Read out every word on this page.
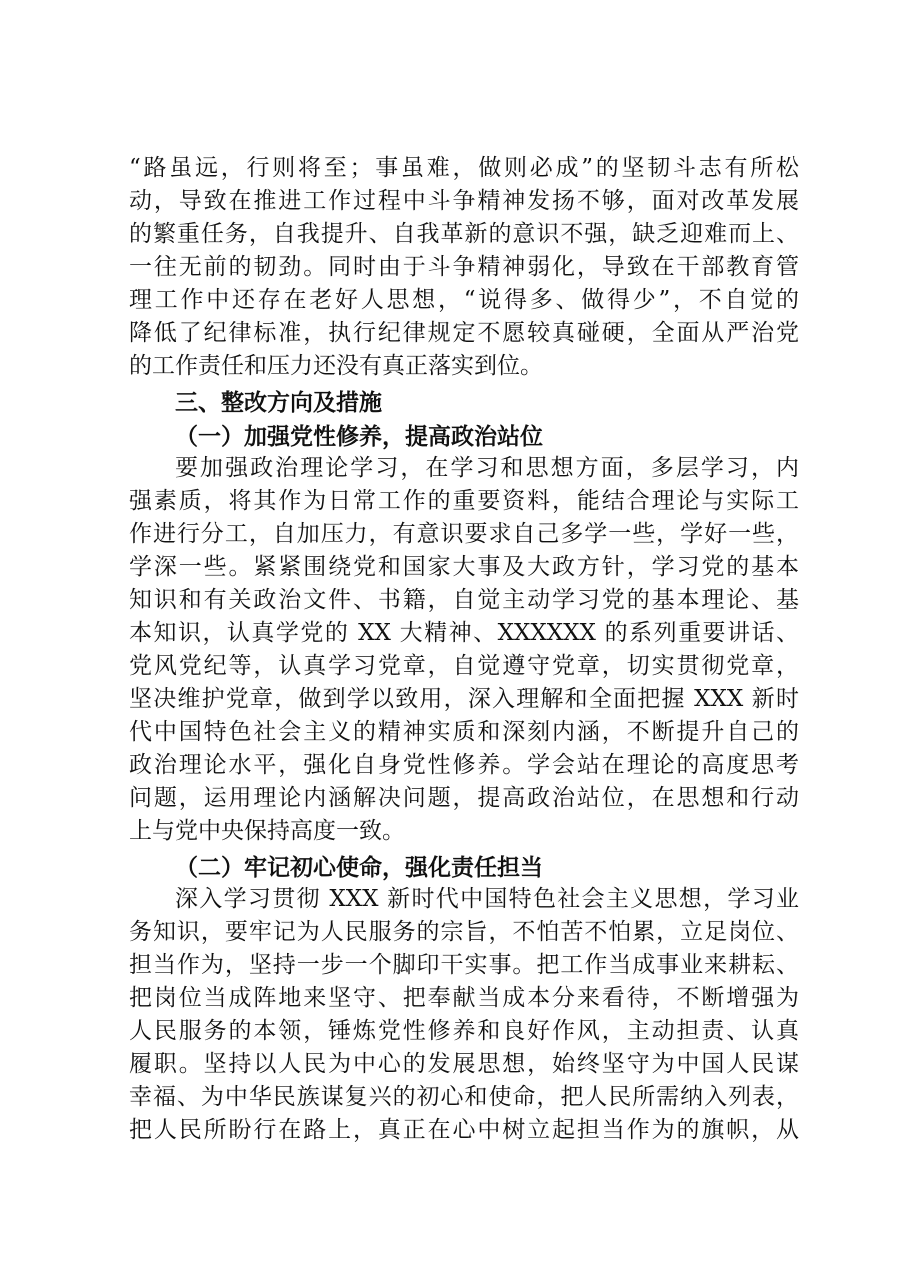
“路虽远，行则将至；事虽难，做则必成”的坚韧斗志有所松
动，导致在推进工作过程中斗争精神发扬不够，面对改革发展
的繁重任务，自我提升、自我革新的意识不强，缺乏迎难而上、
一往无前的韧劲。同时由于斗争精神弱化，导致在干部教育管
理工作中还存在老好人思想，“说得多、做得少”，不自觉的
降低了纪律标准，执行纪律规定不愿较真碰硬，全面从严治党
的工作责任和压力还没有真正落实到位。
三、整改方向及措施
（一）加强党性修养，提高政治站位
要加强政治理论学习，在学习和思想方面，多层学习，内
强素质，将其作为日常工作的重要资料，能结合理论与实际工
作进行分工，自加压力，有意识要求自己多学一些，学好一些，
学深一些。紧紧围绕党和国家大事及大政方针，学习党的基本
知识和有关政治文件、书籍，自觉主动学习党的基本理论、基
本知识，认真学党的 XX 大精神、XXXXXX 的系列重要讲话、
党风党纪等，认真学习党章，自觉遵守党章，切实贯彻党章，
坚决维护党章，做到学以致用，深入理解和全面把握 XXX 新时
代中国特色社会主义的精神实质和深刻内涵，不断提升自己的
政治理论水平，强化自身党性修养。学会站在理论的高度思考
问题，运用理论内涵解决问题，提高政治站位，在思想和行动
上与党中央保持高度一致。
（二）牢记初心使命，强化责任担当
深入学习贯彻 XXX 新时代中国特色社会主义思想，学习业
务知识，要牢记为人民服务的宗旨，不怕苦不怕累，立足岗位、
担当作为，坚持一步一个脚印干实事。把工作当成事业来耕耘、
把岗位当成阵地来坚守、把奉献当成本分来看待，不断增强为
人民服务的本领，锤炼党性修养和良好作风，主动担责、认真
履职。坚持以人民为中心的发展思想，始终坚守为中国人民谋
幸福、为中华民族谋复兴的初心和使命，把人民所需纳入列表，
把人民所盼行在路上，真正在心中树立起担当作为的旗帜，从
